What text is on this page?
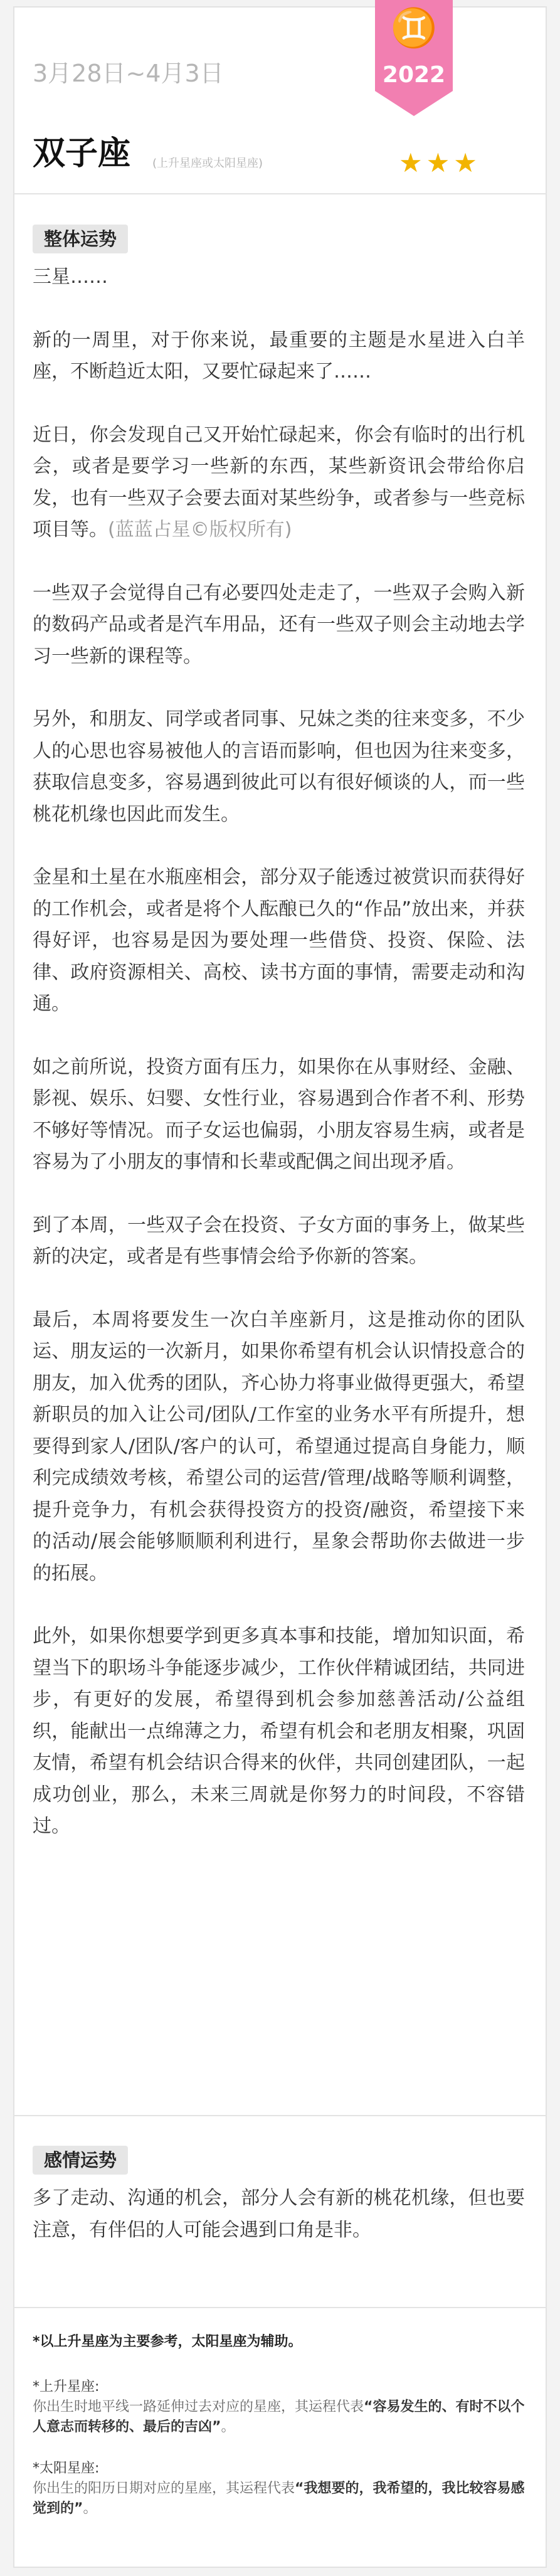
♊
2022
3月28日~4月3日
双子座 (上升星座或太阳星座)	★★★
整体运势

三星……

新的一周里，对于你来说，最重要的主题是水星进入白羊座，不断趋近太阳，又要忙碌起来了……

近日，你会发现自己又开始忙碌起来，你会有临时的出行机会，或者是要学习一些新的东西，某些新资讯会带给你启发，也有一些双子会要去面对某些纷争，或者参与一些竞标项目等。(蓝蓝占星©版权所有)

一些双子会觉得自己有必要四处走走了，一些双子会购入新的数码产品或者是汽车用品，还有一些双子则会主动地去学习一些新的课程等。

另外，和朋友、同学或者同事、兄妹之类的往来变多，不少人的心思也容易被他人的言语而影响，但也因为往来变多，获取信息变多，容易遇到彼此可以有很好倾谈的人，而一些桃花机缘也因此而发生。

金星和土星在水瓶座相会，部分双子能透过被赏识而获得好的工作机会，或者是将个人酝酿已久的“作品”放出来，并获得好评，也容易是因为要处理一些借贷、投资、保险、法律、政府资源相关、高校、读书方面的事情，需要走动和沟通。

如之前所说，投资方面有压力，如果你在从事财经、金融、影视、娱乐、妇婴、女性行业，容易遇到合作者不利、形势不够好等情况。而子女运也偏弱，小朋友容易生病，或者是容易为了小朋友的事情和长辈或配偶之间出现矛盾。

到了本周，一些双子会在投资、子女方面的事务上，做某些新的决定，或者是有些事情会给予你新的答案。

最后，本周将要发生一次白羊座新月，这是推动你的团队运、朋友运的一次新月，如果你希望有机会认识情投意合的朋友，加入优秀的团队，齐心协力将事业做得更强大，希望新职员的加入让公司/团队/工作室的业务水平有所提升，想要得到家人/团队/客户的认可，希望通过提高自身能力，顺利完成绩效考核，希望公司的运营/管理/战略等顺利调整，提升竞争力，有机会获得投资方的投资/融资，希望接下来的活动/展会能够顺顺利利进行，星象会帮助你去做进一步的拓展。

此外，如果你想要学到更多真本事和技能，增加知识面，希望当下的职场斗争能逐步减少，工作伙伴精诚团结，共同进步，有更好的发展，希望得到机会参加慈善活动/公益组织，能献出一点绵薄之力，希望有机会和老朋友相聚，巩固友情，希望有机会结识合得来的伙伴，共同创建团队，一起成功创业，那么，未来三周就是你努力的时间段，不容错过。

感情运势

多了走动、沟通的机会，部分人会有新的桃花机缘，但也要注意，有伴侣的人可能会遇到口角是非。

*以上升星座为主要参考，太阳星座为辅助。
*上升星座:
你出生时地平线一路延伸过去对应的星座，其运程代表“容易发生的、有时不以个人意志而转移的、最后的吉凶”。
*太阳星座:
你出生的阳历日期对应的星座，其运程代表“我想要的，我希望的，我比较容易感觉到的”。
